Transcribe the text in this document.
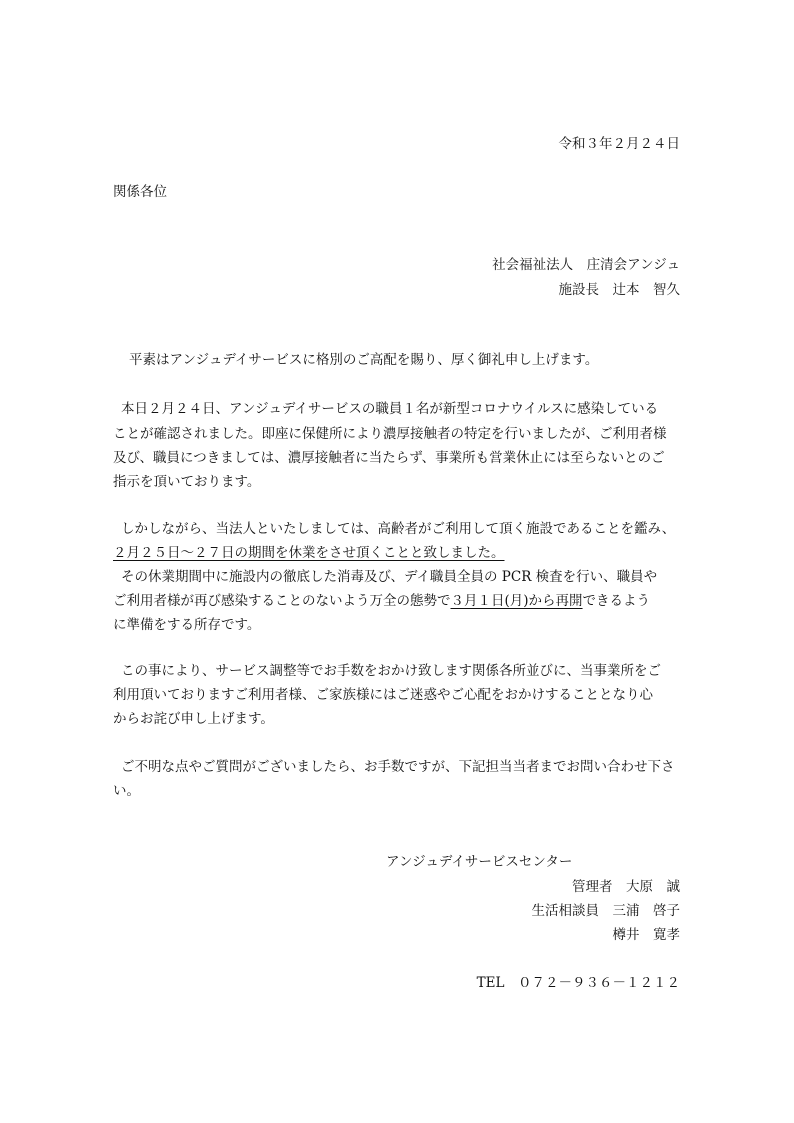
令和３年２月２４日
関係各位
社会福祉法人　庄清会アンジュ
施設長　辻本　智久
平素はアンジュデイサービスに格別のご高配を賜り、厚く御礼申し上げます。
本日２月２４日、アンジュデイサービスの職員１名が新型コロナウイルスに感染している
ことが確認されました。即座に保健所により濃厚接触者の特定を行いましたが、ご利用者様
及び、職員につきましては、濃厚接触者に当たらず、事業所も営業休止には至らないとのご
指示を頂いております。
しかしながら、当法人といたしましては、高齢者がご利用して頂く施設であることを鑑み、
２月２５日～２７日の期間を休業をさせ頂くことと致しました。
その休業期間中に施設内の徹底した消毒及び、デイ職員全員の PCR 検査を行い、職員や
ご利用者様が再び感染することのないよう万全の態勢で３月１日(月)から再開できるよう
に準備をする所存です。
この事により、サービス調整等でお手数をおかけ致します関係各所並びに、当事業所をご
利用頂いておりますご利用者様、ご家族様にはご迷惑やご心配をおかけすることとなり心
からお詫び申し上げます。
ご不明な点やご質問がございましたら、お手数ですが、下記担当当者までお問い合わせ下さ
い。
アンジュデイサービスセンター
管理者　大原　誠
生活相談員　三浦　啓子
樽井　寛孝
TEL　０７２－９３６－１２１２
